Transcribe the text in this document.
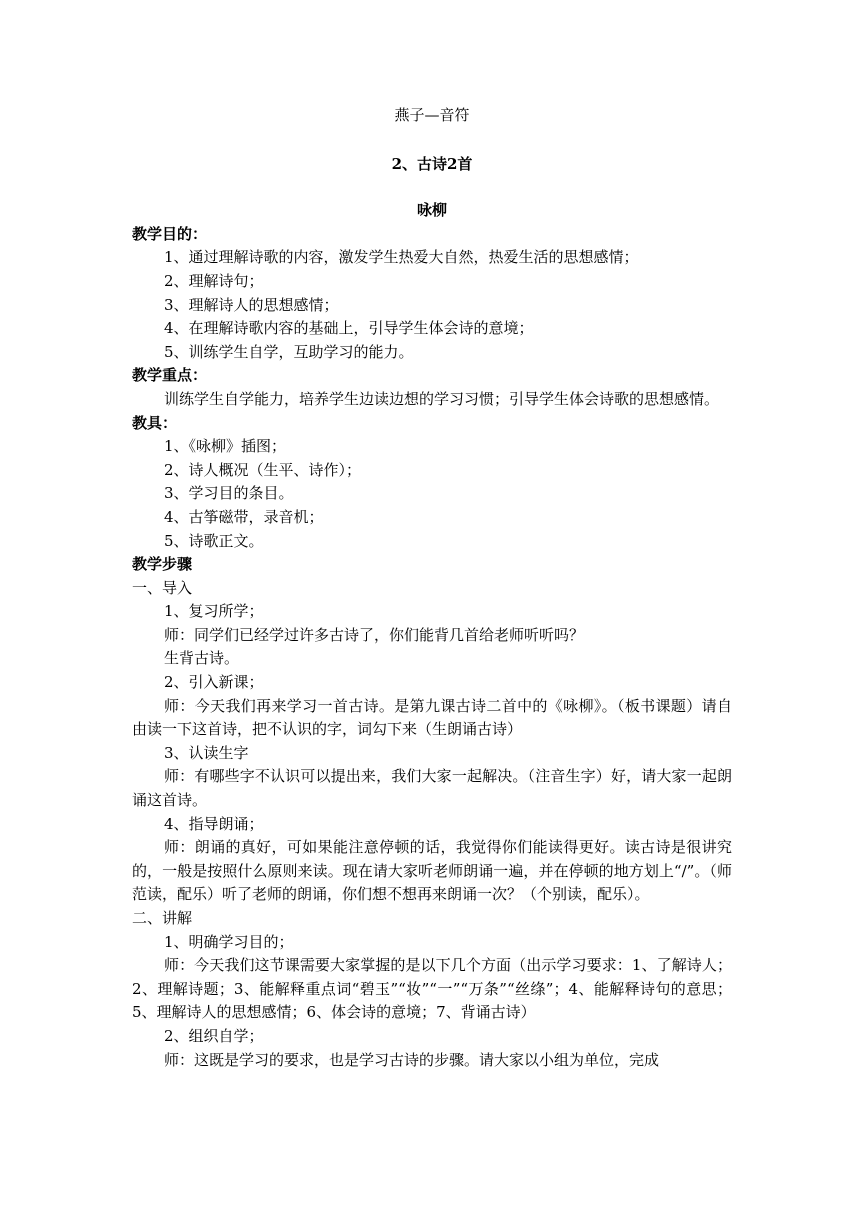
燕子—音符

2、古诗2首

咏柳

教学目的：

1、通过理解诗歌的内容，激发学生热爱大自然，热爱生活的思想感情；

2、理解诗句；

3、理解诗人的思想感情；

4、在理解诗歌内容的基础上，引导学生体会诗的意境；

5、训练学生自学，互助学习的能力。

教学重点：

训练学生自学能力，培养学生边读边想的学习习惯；引导学生体会诗歌的思想感情。

教具：

1、《咏柳》插图；

2、诗人概况（生平、诗作）；

3、学习目的条目。

4、古筝磁带，录音机；

5、诗歌正文。

教学步骤

一、导入

1、复习所学；

师：同学们已经学过许多古诗了，你们能背几首给老师听听吗？

生背古诗。

2、引入新课；

师：今天我们再来学习一首古诗。是第九课古诗二首中的《咏柳》。（板书课题）请自由读一下这首诗，把不认识的字，词勾下来（生朗诵古诗）

3、认读生字

师：有哪些字不认识可以提出来，我们大家一起解决。（注音生字）好，请大家一起朗诵这首诗。

4、指导朗诵；

师：朗诵的真好，可如果能注意停顿的话，我觉得你们能读得更好。读古诗是很讲究的，一般是按照什么原则来读。现在请大家听老师朗诵一遍，并在停顿的地方划上“/”。（师范读，配乐）听了老师的朗诵，你们想不想再来朗诵一次？（个别读，配乐）。

二、讲解

1、明确学习目的；

师：今天我们这节课需要大家掌握的是以下几个方面（出示学习要求：1、了解诗人；2、理解诗题；3、能解释重点词“碧玉”“妆”“一”“万条”“丝绦”；4、能解释诗句的意思；5、理解诗人的思想感情；6、体会诗的意境；7、背诵古诗）

2、组织自学；

师：这既是学习的要求，也是学习古诗的步骤。请大家以小组为单位，完成
